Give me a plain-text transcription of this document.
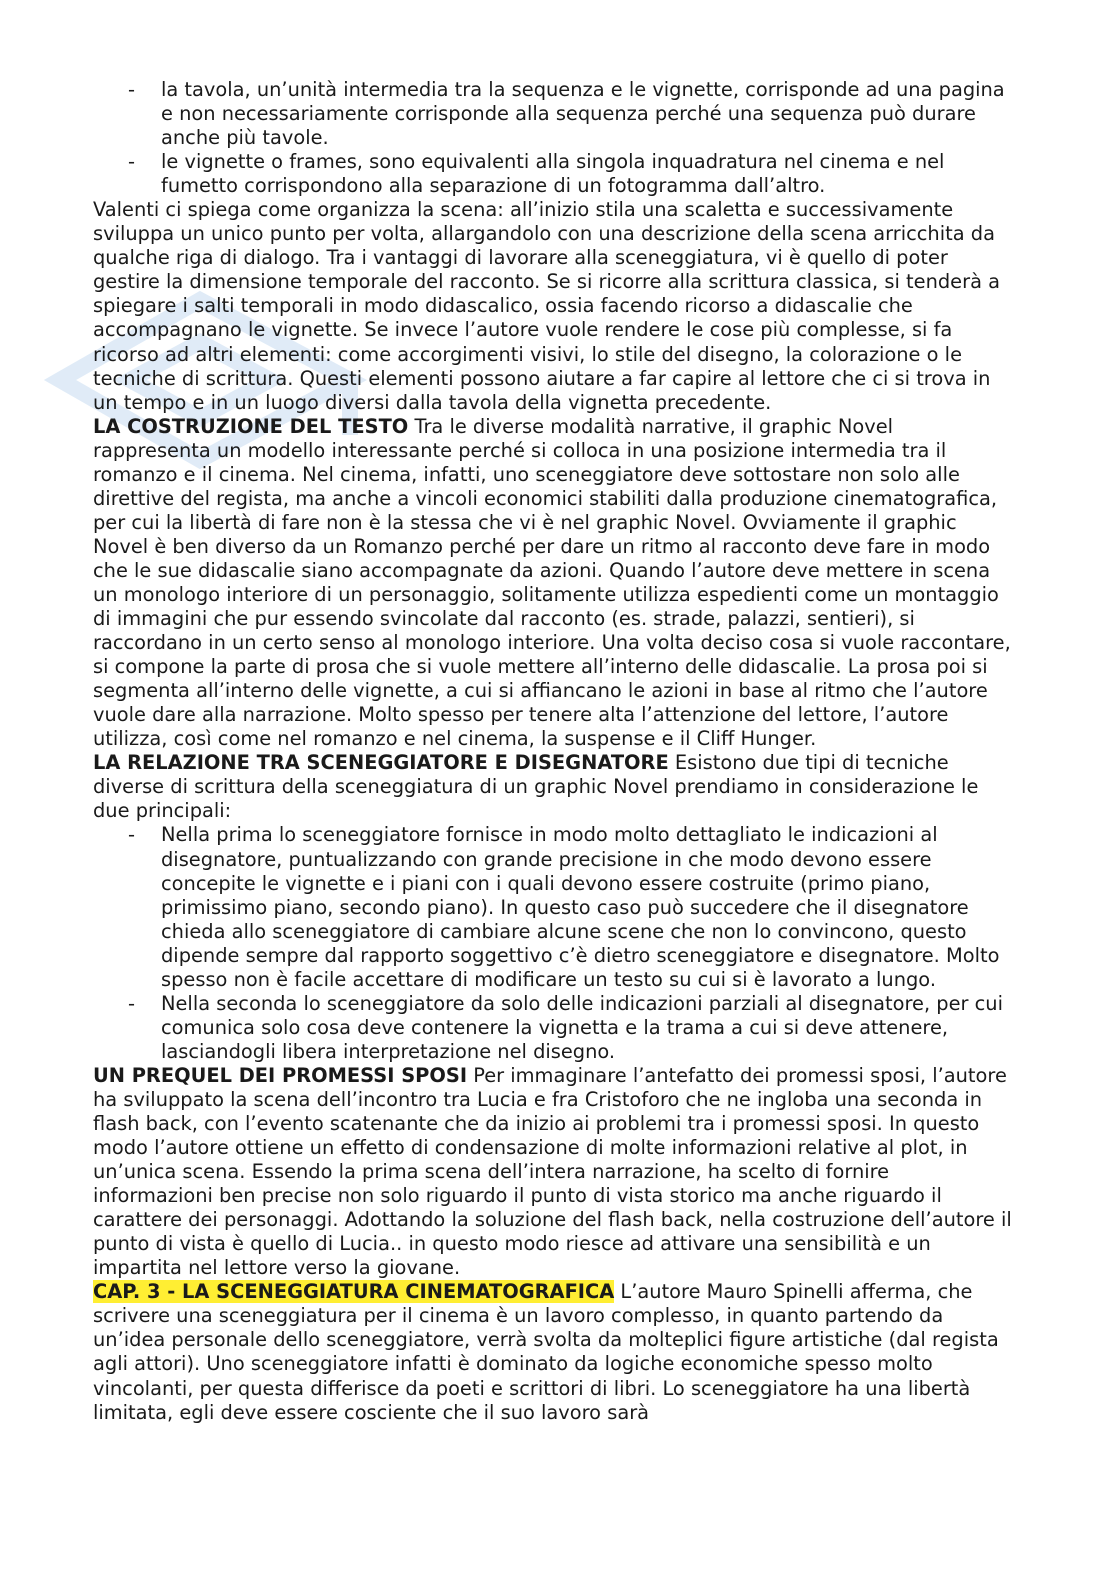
- la tavola, un’unità intermedia tra la sequenza e le vignette, corrisponde ad una pagina e non necessariamente corrisponde alla sequenza perché una sequenza può durare anche più tavole.
- le vignette o frames, sono equivalenti alla singola inquadratura nel cinema e nel fumetto corrispondono alla separazione di un fotogramma dall’altro.

Valenti ci spiega come organizza la scena: all’inizio stila una scaletta e successivamente sviluppa un unico punto per volta, allargandolo con una descrizione della scena arricchita da qualche riga di dialogo. Tra i vantaggi di lavorare alla sceneggiatura, vi è quello di poter gestire la dimensione temporale del racconto. Se si ricorre alla scrittura classica, si tenderà a spiegare i salti temporali in modo didascalico, ossia facendo ricorso a didascalie che accompagnano le vignette. Se invece l’autore vuole rendere le cose più complesse, si fa ricorso ad altri elementi: come accorgimenti visivi, lo stile del disegno, la colorazione o le tecniche di scrittura. Questi elementi possono aiutare a far capire al lettore che ci si trova in un tempo e in un luogo diversi dalla tavola della vignetta precedente.

LA COSTRUZIONE DEL TESTO Tra le diverse modalità narrative, il graphic Novel rappresenta un modello interessante perché si colloca in una posizione intermedia tra il romanzo e il cinema. Nel cinema, infatti, uno sceneggiatore deve sottostare non solo alle direttive del regista, ma anche a vincoli economici stabiliti dalla produzione cinematografica, per cui la libertà di fare non è la stessa che vi è nel graphic Novel. Ovviamente il graphic Novel è ben diverso da un Romanzo perché per dare un ritmo al racconto deve fare in modo che le sue didascalie siano accompagnate da azioni. Quando l’autore deve mettere in scena un monologo interiore di un personaggio, solitamente utilizza espedienti come un montaggio di immagini che pur essendo svincolate dal racconto (es. strade, palazzi, sentieri), si raccordano in un certo senso al monologo interiore. Una volta deciso cosa si vuole raccontare, si compone la parte di prosa che si vuole mettere all’interno delle didascalie. La prosa poi si segmenta all’interno delle vignette, a cui si affiancano le azioni in base al ritmo che l’autore vuole dare alla narrazione. Molto spesso per tenere alta l’attenzione del lettore, l’autore utilizza, così come nel romanzo e nel cinema, la suspense e il Cliff Hunger.

LA RELAZIONE TRA SCENEGGIATORE E DISEGNATORE Esistono due tipi di tecniche diverse di scrittura della sceneggiatura di un graphic Novel prendiamo in considerazione le due principali:

- Nella prima lo sceneggiatore fornisce in modo molto dettagliato le indicazioni al disegnatore, puntualizzando con grande precisione in che modo devono essere concepite le vignette e i piani con i quali devono essere costruite (primo piano, primissimo piano, secondo piano). In questo caso può succedere che il disegnatore chieda allo sceneggiatore di cambiare alcune scene che non lo convincono, questo dipende sempre dal rapporto soggettivo c’è dietro sceneggiatore e disegnatore. Molto spesso non è facile accettare di modificare un testo su cui si è lavorato a lungo.
- Nella seconda lo sceneggiatore da solo delle indicazioni parziali al disegnatore, per cui comunica solo cosa deve contenere la vignetta e la trama a cui si deve attenere, lasciandogli libera interpretazione nel disegno.

UN PREQUEL DEI PROMESSI SPOSI Per immaginare l’antefatto dei promessi sposi, l’autore ha sviluppato la scena dell’incontro tra Lucia e fra Cristoforo che ne ingloba una seconda in flash back, con l’evento scatenante che da inizio ai problemi tra i promessi sposi. In questo modo l’autore ottiene un effetto di condensazione di molte informazioni relative al plot, in un’unica scena. Essendo la prima scena dell’intera narrazione, ha scelto di fornire informazioni ben precise non solo riguardo il punto di vista storico ma anche riguardo il carattere dei personaggi. Adottando la soluzione del flash back, nella costruzione dell’autore il punto di vista è quello di Lucia.. in questo modo riesce ad attivare una sensibilità e un impartita nel lettore verso la giovane.

CAP. 3 - LA SCENEGGIATURA CINEMATOGRAFICA L’autore Mauro Spinelli afferma, che scrivere una sceneggiatura per il cinema è un lavoro complesso, in quanto partendo da un’idea personale dello sceneggiatore, verrà svolta da molteplici figure artistiche (dal regista agli attori). Uno sceneggiatore infatti è dominato da logiche economiche spesso molto vincolanti, per questa differisce da poeti e scrittori di libri. Lo sceneggiatore ha una libertà limitata, egli deve essere cosciente che il suo lavoro sarà
